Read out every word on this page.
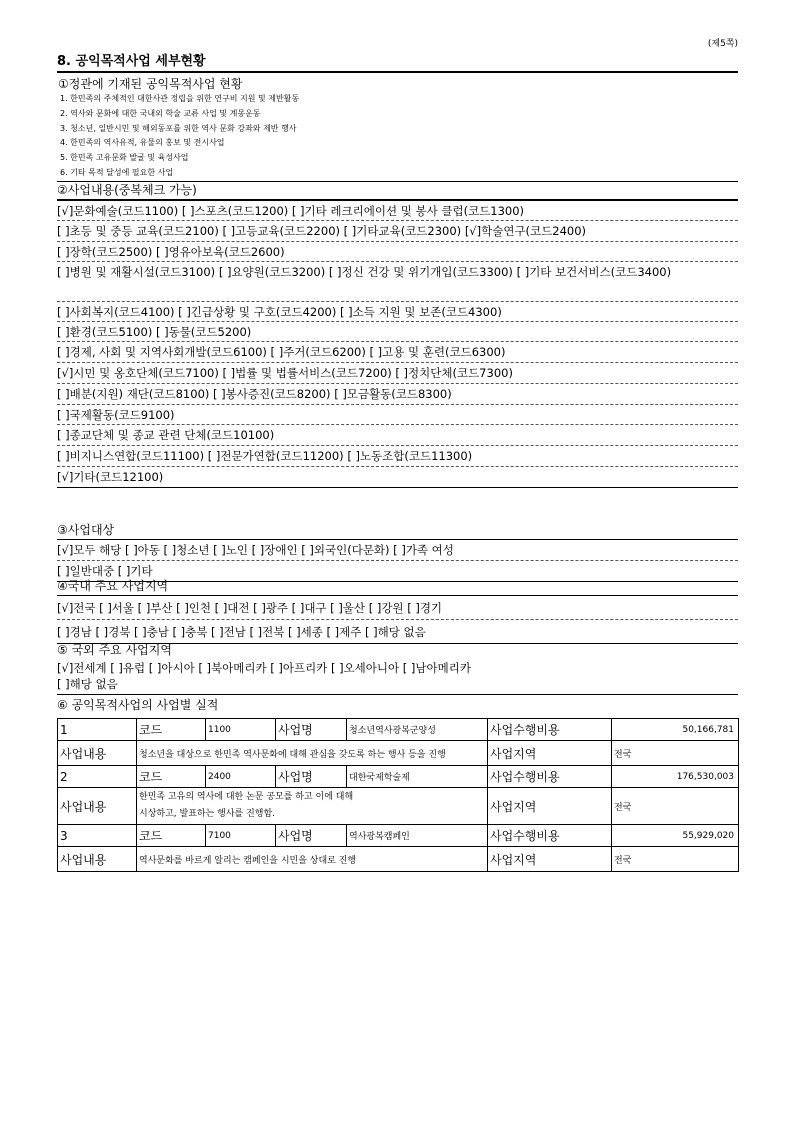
(제5쪽)
8. 공익목적사업 세부현황
①정관에 기재된 공익목적사업 현황
1. 한민족의 주체적인 대한사관 정립을 위한 연구비 지원 및 제반활동
2. 역사와 문화에 대한 국내외 학술 교류 사업 및 계몽운동
3. 청소년, 일반시민 및 해외동포를 위한 역사 문화 강좌와 제반 행사
4. 한민족의 역사유적, 유물의 홍보 및 전시사업
5. 한민족 고유문화 발굴 및 육성사업
6. 기타 목적 달성에 필요한 사업
②사업내용(중복체크 가능)
[√]문화예술(코드1100) [ ]스포츠(코드1200) [ ]기타 레크리에이션 및 봉사 클럽(코드1300)
[ ]초등 및 중등 교육(코드2100) [ ]고등교육(코드2200) [ ]기타교육(코드2300) [√]학술연구(코드2400)
[ ]장학(코드2500) [ ]영유아보육(코드2600)
[ ]병원 및 재활시설(코드3100) [ ]요양원(코드3200) [ ]정신 건강 및 위기개입(코드3300) [ ]기타 보건서비스(코드3400)
[ ]사회복지(코드4100) [ ]긴급상황 및 구호(코드4200) [ ]소득 지원 및 보존(코드4300)
[ ]환경(코드5100) [ ]동물(코드5200)
[ ]경제, 사회 및 지역사회개발(코드6100) [ ]주거(코드6200) [ ]고용 및 훈련(코드6300)
[√]시민 및 옹호단체(코드7100) [ ]법률 및 법률서비스(코드7200) [ ]정치단체(코드7300)
[ ]배분(지원) 재단(코드8100) [ ]봉사증진(코드8200) [ ]모금활동(코드8300)
[ ]국제활동(코드9100)
[ ]종교단체 및 종교 관련 단체(코드10100)
[ ]비지니스연합(코드11100) [ ]전문가연합(코드11200) [ ]노동조합(코드11300)
[√]기타(코드12100)
③사업대상
[√]모두 해당 [ ]아동 [ ]청소년 [ ]노인 [ ]장애인 [ ]외국인(다문화) [ ]가족 여성
[ ]일반대중 [ ]기타
④국내 주요 사업지역
[√]전국 [ ]서울 [ ]부산 [ ]인천 [ ]대전 [ ]광주 [ ]대구 [ ]울산 [ ]강원 [ ]경기
[ ]경남 [ ]경북 [ ]충남 [ ]충북 [ ]전남 [ ]전북 [ ]세종 [ ]제주 [ ]해당 없음
⑤ 국외 주요 사업지역
[√]전세계 [ ]유럽 [ ]아시아 [ ]북아메리카 [ ]아프리카 [ ]오세아니아 [ ]남아메리카
[ ]해당 없음
⑥ 공익목적사업의 사업별 실적
1	코드	1100	사업명	청소년역사광복군양성	사업수행비용	50,166,781
사업내용	청소년을 대상으로 한민족 역사문화에 대해 관심을 갖도록 하는 행사 등을 진행				사업지역	전국
2	코드	2400	사업명	대한국제학술제	사업수행비용	176,530,003
사업내용	한민족 고유의 역사에 대한 논문 공모를 하고 이에 대해 시상하고, 발표하는 행사를 진행함.				사업지역	전국
3	코드	7100	사업명	역사광복캠페인	사업수행비용	55,929,020
사업내용	역사문화를 바르게 알리는 캠페인을 시민을 상대로 진행				사업지역	전국
